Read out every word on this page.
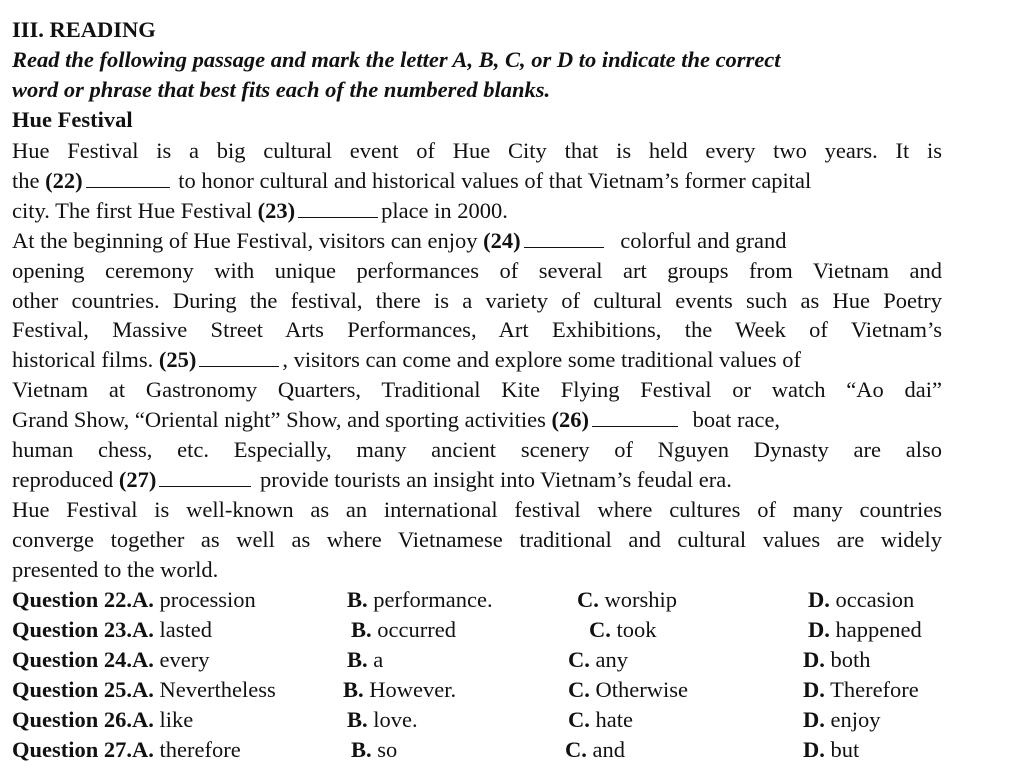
III. READING
Read the following passage and mark the letter A, B, C, or D to indicate the correct
word or phrase that best fits each of the numbered blanks.
Hue Festival
Hue Festival is a big cultural event of Hue City that is held every two years. It is
the (22)	to honor cultural and historical values of that Vietnam’s former capital
city. The first Hue Festival (23)	place in 2000.
At the beginning of Hue Festival, visitors can enjoy (24)	colorful and grand
opening ceremony with unique performances of several art groups from Vietnam and
other countries. During the festival, there is a variety of cultural events such as Hue Poetry
Festival, Massive Street Arts Performances, Art Exhibitions, the Week of Vietnam’s
historical films. (25)	, visitors can come and explore some traditional values of
Vietnam at Gastronomy Quarters, Traditional Kite Flying Festival or watch “Ao dai”
Grand Show, “Oriental night” Show, and sporting activities (26)	boat race,
human chess, etc. Especially, many ancient scenery of Nguyen Dynasty are also
reproduced (27)	provide tourists an insight into Vietnam’s feudal era.
Hue Festival is well-known as an international festival where cultures of many countries
converge together as well as where Vietnamese traditional and cultural values are widely
presented to the world.
Question 22.A. procession	B. performance.	C. worship	D. occasion
Question 23.A. lasted	B. occurred	C. took	D. happened
Question 24.A. every	B. a	C. any	D. both
Question 25.A. Nevertheless	B. However.	C. Otherwise	D. Therefore
Question 26.A. like	B. love.	C. hate	D. enjoy
Question 27.A. therefore	B. so	C. and	D. but
